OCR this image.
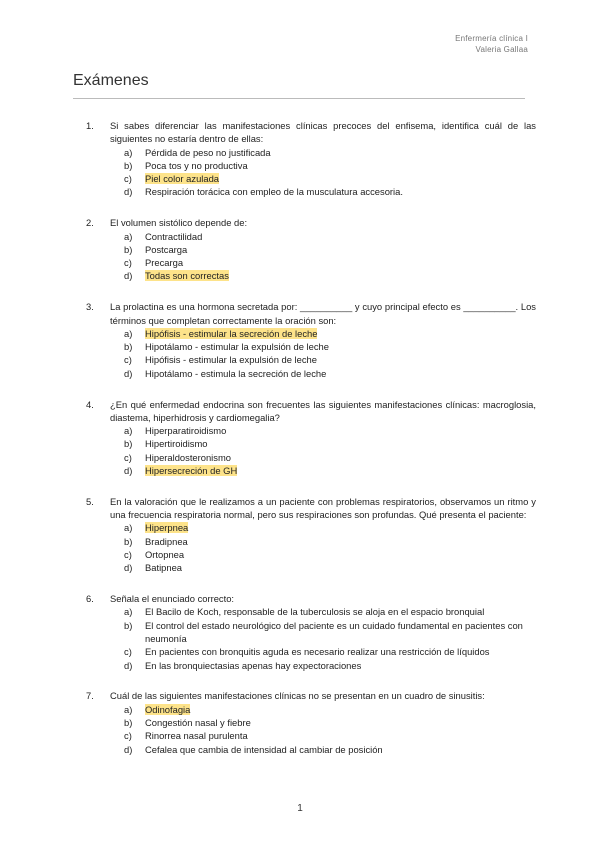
Enfermería clínica I
Valeria Gallaa
Exámenes
1.	Si sabes diferenciar las manifestaciones clínicas precoces del enfisema, identifica cuál de las siguientes no estaría dentro de ellas:
a) Pérdida de peso no justificada
b) Poca tos y no productiva
c) Piel color azulada
d) Respiración torácica con empleo de la musculatura accesoria.
2.	El volumen sistólico depende de:
a) Contractilidad
b) Postcarga
c) Precarga
d) Todas son correctas
3.	La prolactina es una hormona secretada por: __________ y cuyo principal efecto es __________. Los términos que completan correctamente la oración son:
a) Hipófisis - estimular la secreción de leche
b) Hipotálamo - estimular la expulsión de leche
c) Hipófisis - estimular la expulsión de leche
d) Hipotálamo - estimula la secreción de leche
4.	¿En qué enfermedad endocrina son frecuentes las siguientes manifestaciones clínicas: macroglosia, diastema, hiperhidrosis y cardiomegalia?
a) Hiperparatiroidismo
b) Hipertiroidismo
c) Hiperaldosteronismo
d) Hipersecreción de GH
5.	En la valoración que le realizamos a un paciente con problemas respiratorios, observamos un ritmo y una frecuencia respiratoria normal, pero sus respiraciones son profundas. Qué presenta el paciente:
a) Hiperpnea
b) Bradipnea
c) Ortopnea
d) Batipnea
6.	Señala el enunciado correcto:
a) El Bacilo de Koch, responsable de la tuberculosis se aloja en el espacio bronquial
b) El control del estado neurológico del paciente es un cuidado fundamental en pacientes con neumonía
c) En pacientes con bronquitis aguda es necesario realizar una restricción de líquidos
d) En las bronquiectasias apenas hay expectoraciones
7.	Cuál de las siguientes manifestaciones clínicas no se presentan en un cuadro de sinusitis:
a) Odinofagia
b) Congestión nasal y fiebre
c) Rinorrea nasal purulenta
d) Cefalea que cambia de intensidad al cambiar de posición
1
